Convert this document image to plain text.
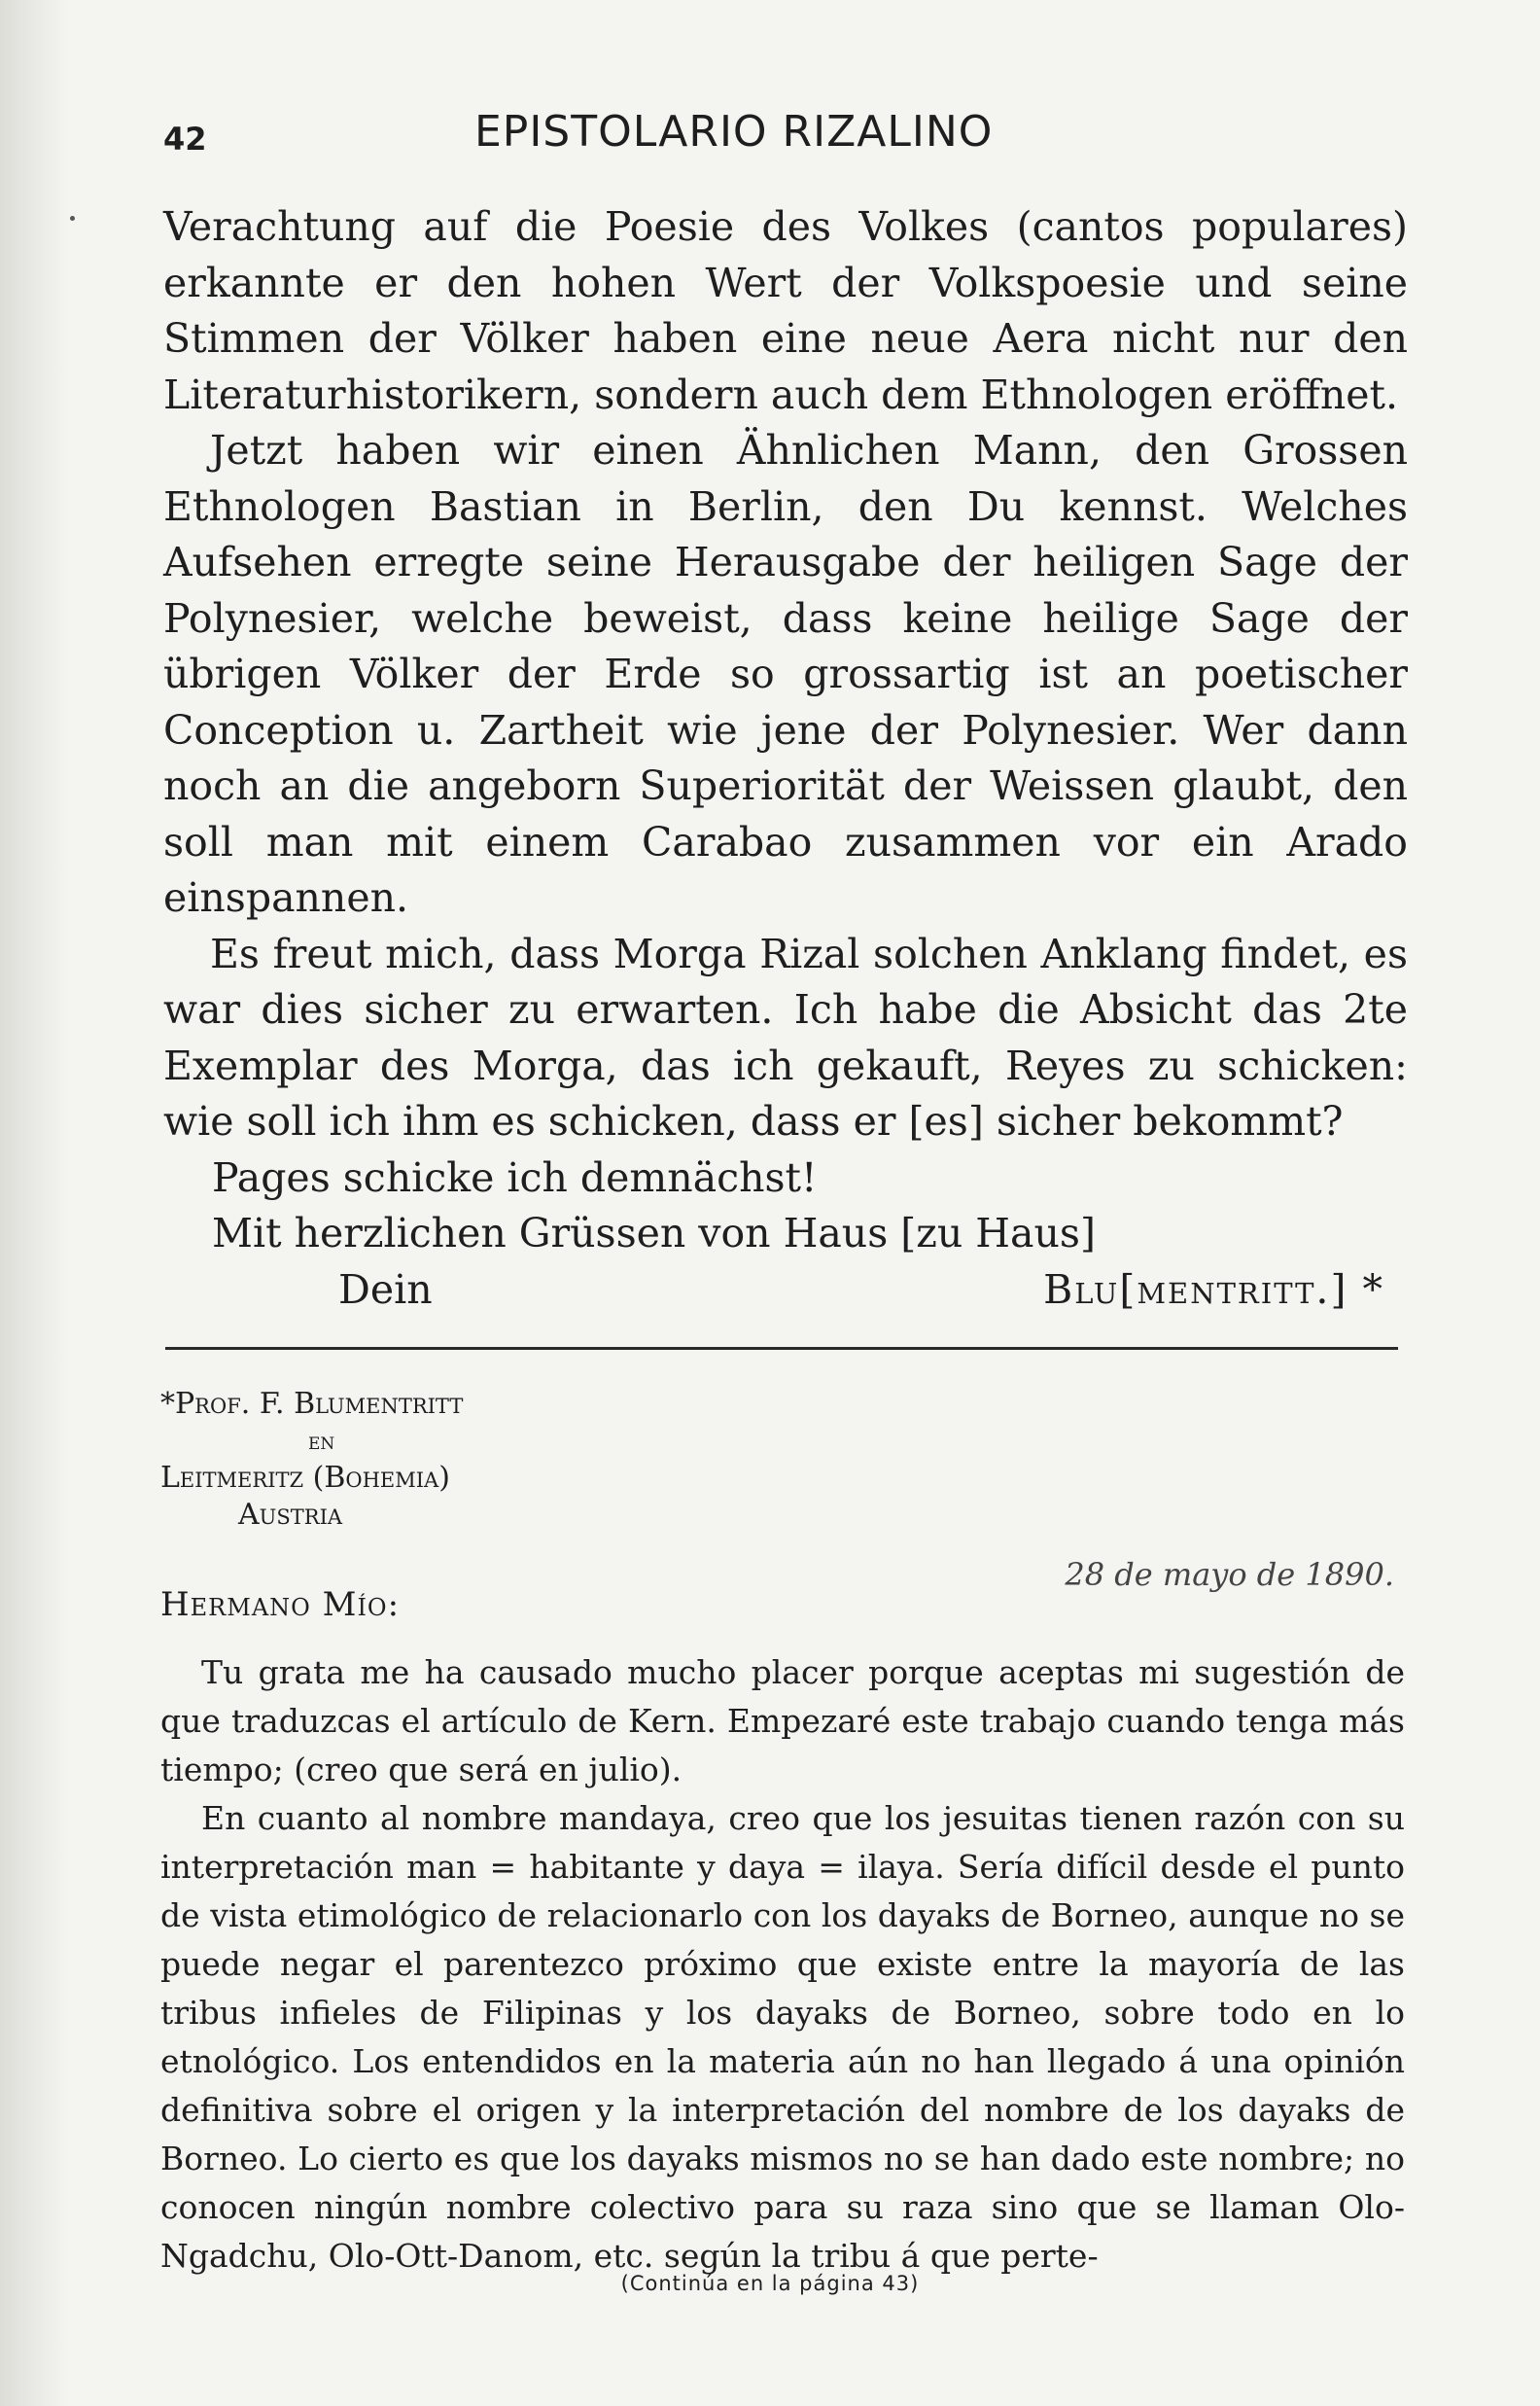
42	EPISTOLARIO RIZALINO

Verachtung auf die Poesie des Volkes (cantos populares) erkannte er den hohen Wert der Volkspoesie und seine Stimmen der Völker haben eine neue Aera nicht nur den Literaturhistorikern, sondern auch dem Ethnologen eröffnet.

Jetzt haben wir einen Ähnlichen Mann, den Grossen Ethnologen Bastian in Berlin, den Du kennst. Welches Aufsehen erregte seine Herausgabe der heiligen Sage der Polynesier, welche beweist, dass keine heilige Sage der übrigen Völker der Erde so grossartig ist an poetischer Conception u. Zartheit wie jene der Polynesier. Wer dann noch an die angeborn Superiorität der Weissen glaubt, den soll man mit einem Carabao zusammen vor ein Arado einspannen.

Es freut mich, dass Morga Rizal solchen Anklang findet, es war dies sicher zu erwarten. Ich habe die Absicht das 2te Exemplar des Morga, das ich gekauft, Reyes zu schicken: wie soll ich ihm es schicken, dass er [es] sicher bekommt?

Pages schicke ich demnächst!

Mit herzlichen Grüssen von Haus [zu Haus]

Dein	Blu[mentritt.] *
*Prof. F. Blumentritt
en
Leitmeritz (Bohemia)
Austria
28 de mayo de 1890.
Hermano Mío:

Tu grata me ha causado mucho placer porque aceptas mi sugestión de que traduzcas el artículo de Kern. Empezaré este trabajo cuando tenga más tiempo; (creo que será en julio).

En cuanto al nombre mandaya, creo que los jesuitas tienen razón con su interpretación man = habitante y daya = ilaya. Sería difícil desde el punto de vista etimológico de relacionarlo con los dayaks de Borneo, aunque no se puede negar el parentezco próximo que existe entre la mayoría de las tribus infieles de Filipinas y los dayaks de Borneo, sobre todo en lo etnológico. Los entendidos en la materia aún no han llegado á una opinión definitiva sobre el origen y la interpretación del nombre de los dayaks de Borneo. Lo cierto es que los dayaks mismos no se han dado este nombre; no conocen ningún nombre colectivo para su raza sino que se llaman Olo-Ngadchu, Olo-Ott-Danom, etc. según la tribu á que perte-

(Continúa en la página 43)
